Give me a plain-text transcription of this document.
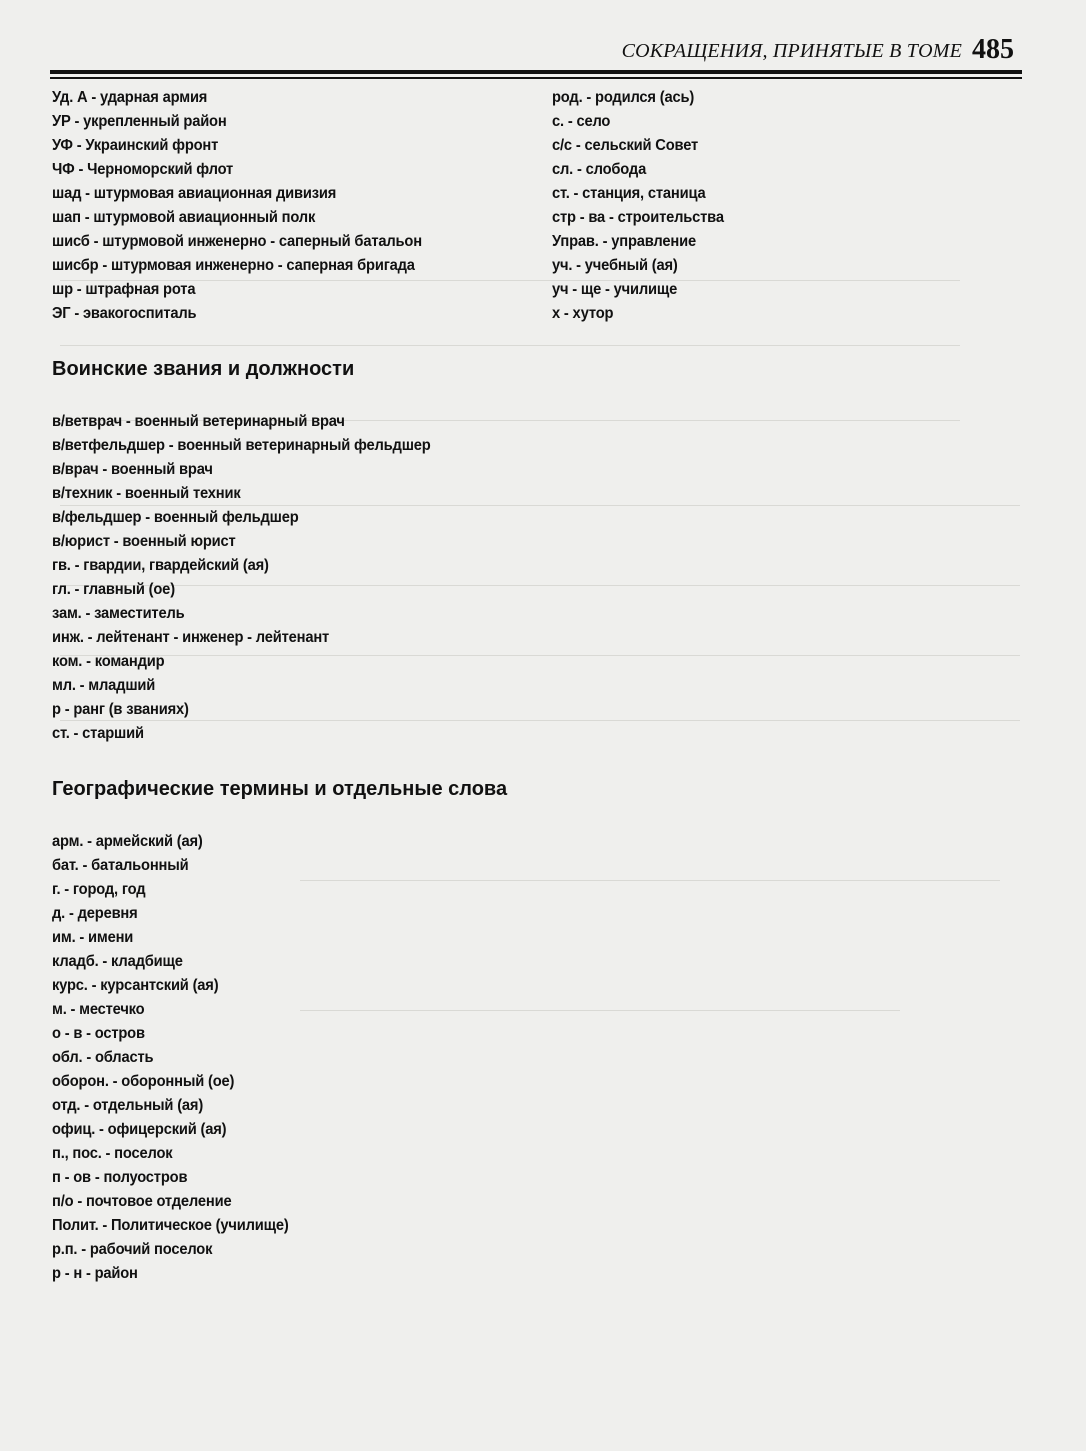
СОКРАЩЕНИЯ, ПРИНЯТЫЕ В ТОМЕ 485
Уд. А - ударная армия
УР - укрепленный район
УФ - Украинский фронт
ЧФ - Черноморский флот
шад - штурмовая авиационная дивизия
шап - штурмовой авиационный полк
шисб - штурмовой инженерно - саперный батальон
шисбр - штурмовая инженерно - саперная бригада
шр - штрафная рота
ЭГ - эвакогоспиталь
род. - родился (ась)
с. - село
с/с - сельский Совет
сл. - слобода
ст. - станция, станица
стр - ва - строительства
Управ. - управление
уч. - учебный (ая)
уч - ще - училище
х - хутор
Воинские звания и должности
в/ветврач - военный ветеринарный врач
в/ветфельдшер - военный ветеринарный фельдшер
в/врач - военный врач
в/техник - военный техник
в/фельдшер - военный фельдшер
в/юрист - военный юрист
гв. - гвардии, гвардейский (ая)
гл. - главный (ое)
зам. - заместитель
инж. - лейтенант - инженер - лейтенант
ком. - командир
мл. - младший
р - ранг (в званиях)
ст. - старший
Географические термины и отдельные слова
арм. - армейский (ая)
бат. - батальонный
г. - город, год
д. - деревня
им. - имени
кладб. - кладбище
курс. - курсантский (ая)
м. - местечко
о - в - остров
обл. - область
оборон. - оборонный (ое)
отд. - отдельный (ая)
офиц. - офицерский (ая)
п., пос. - поселок
п - ов - полуостров
п/о - почтовое отделение
Полит. - Политическое (училище)
р.п. - рабочий поселок
р - н - район
